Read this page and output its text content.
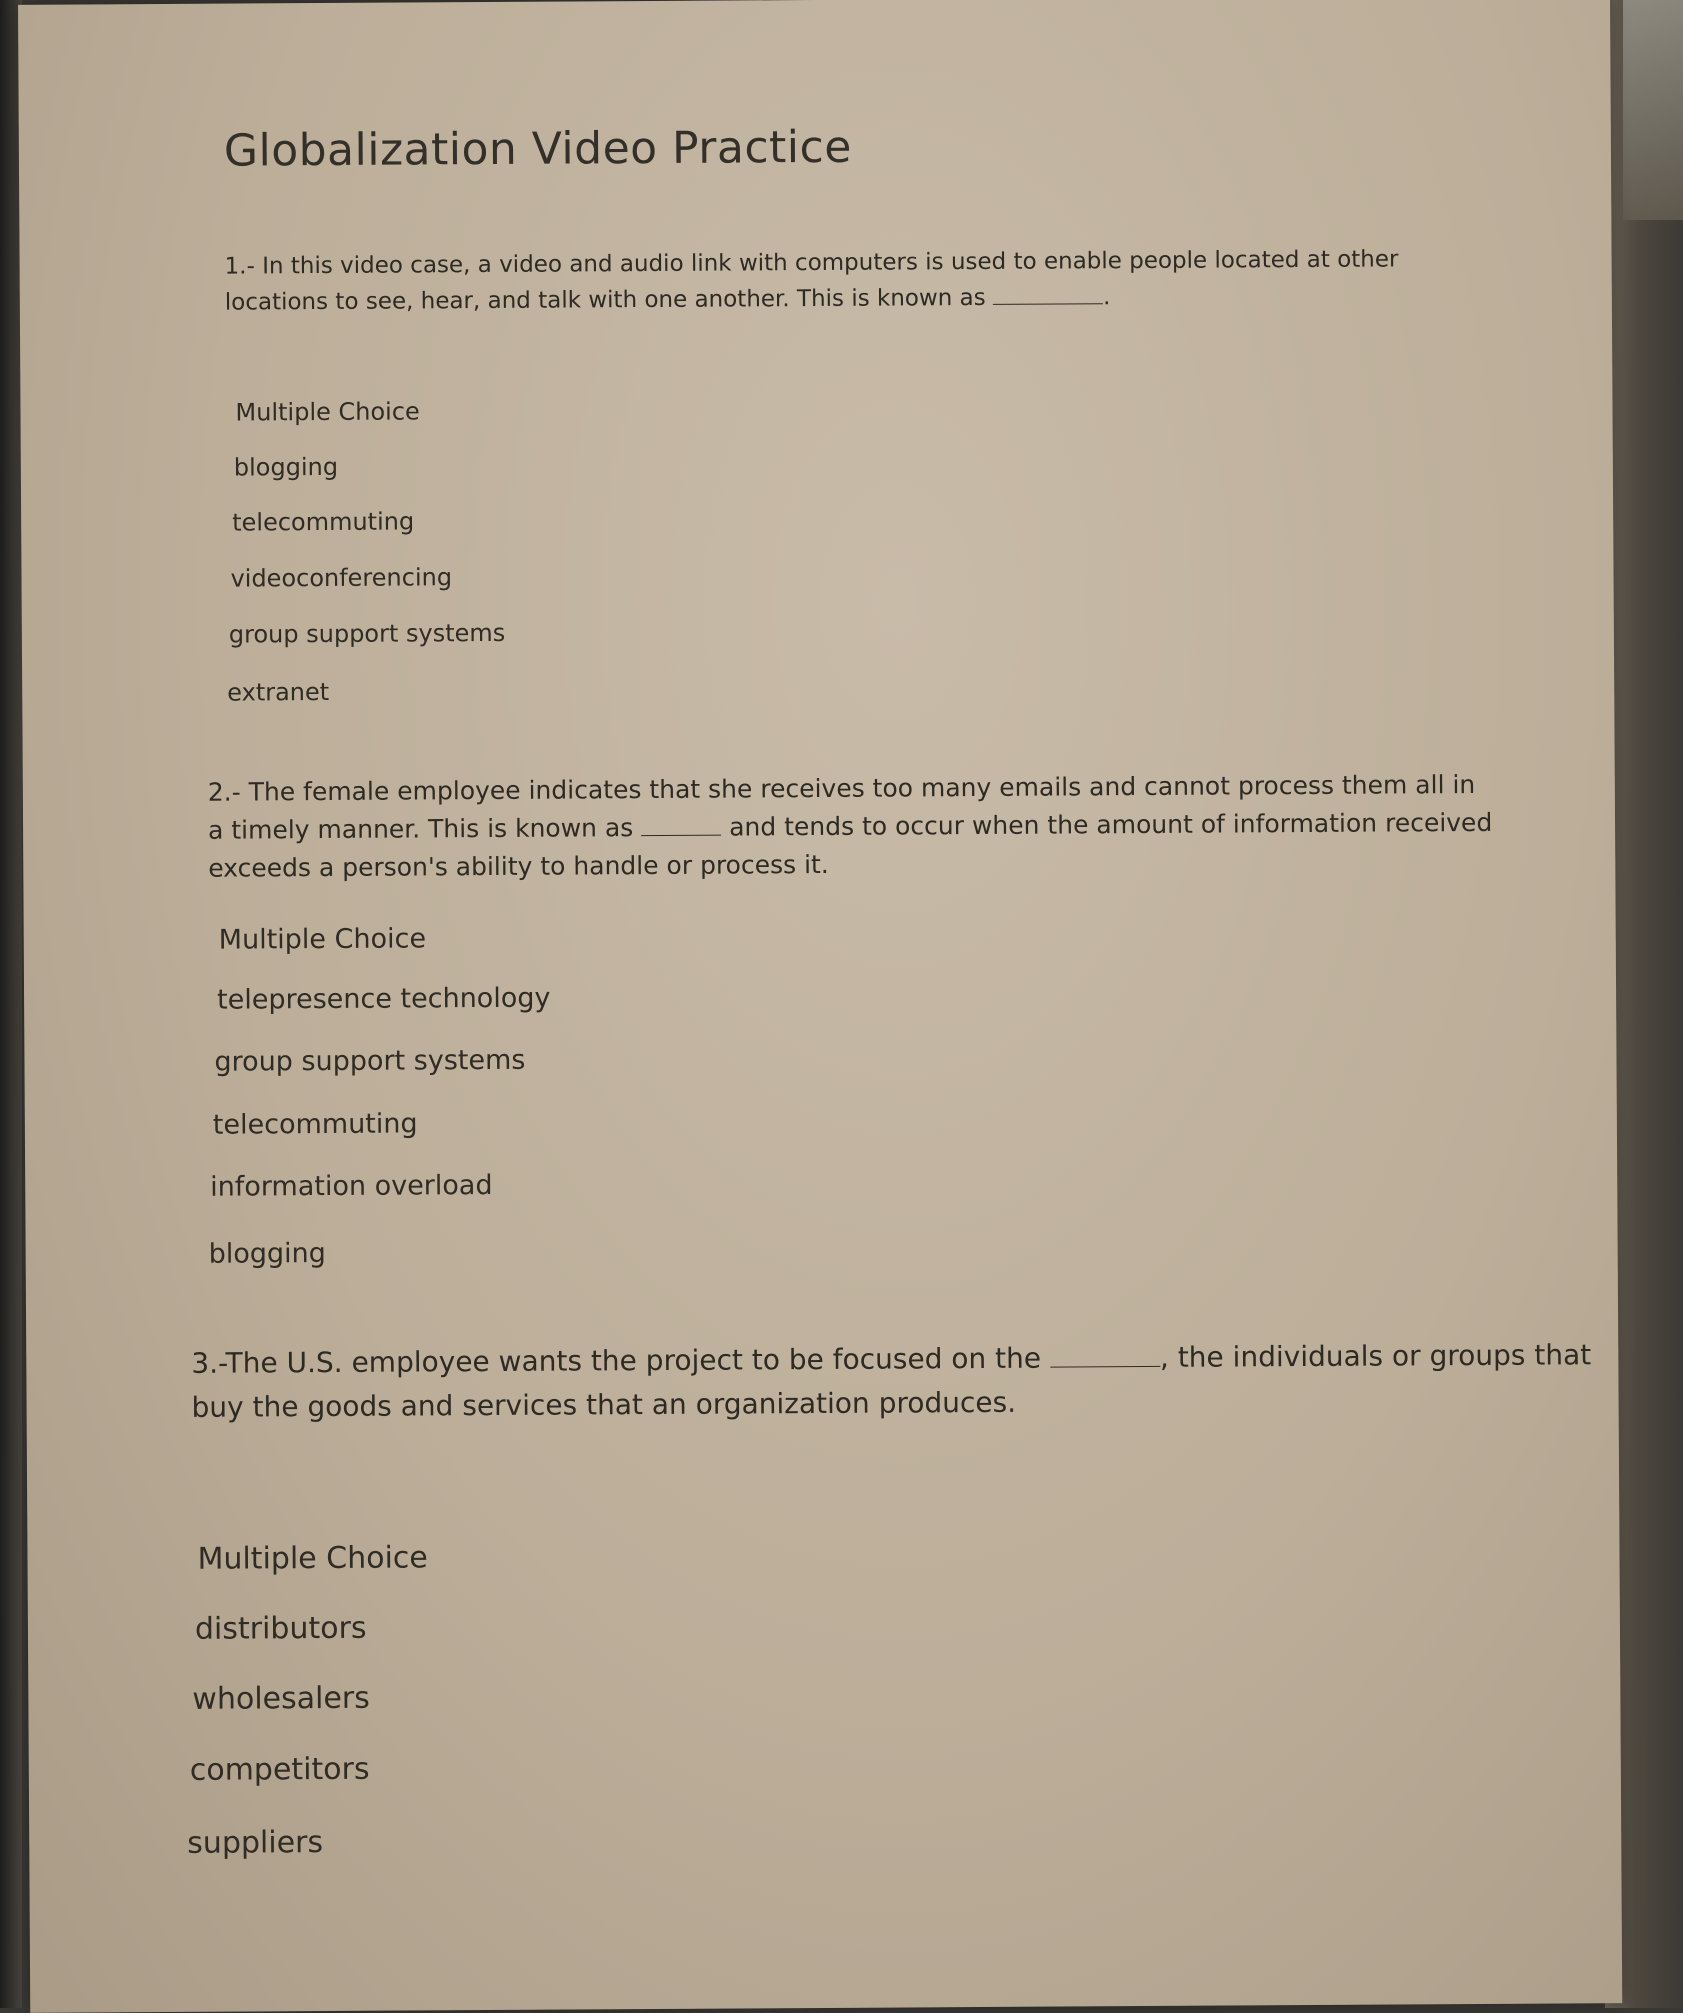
Globalization Video Practice
1.- In this video case, a video and audio link with computers is used to enable people located at other locations to see, hear, and talk with one another. This is known as	.
Multiple Choice
blogging
telecommuting
videoconferencing
group support systems
extranet
2.- The female employee indicates that she receives too many emails and cannot process them all in a timely manner. This is known as	and tends to occur when the amount of information received exceeds a person's ability to handle or process it.
Multiple Choice
telepresence technology
group support systems
telecommuting
information overload
blogging
3.-The U.S. employee wants the project to be focused on the	, the individuals or groups that buy the goods and services that an organization produces.
Multiple Choice
distributors
wholesalers
competitors
suppliers
